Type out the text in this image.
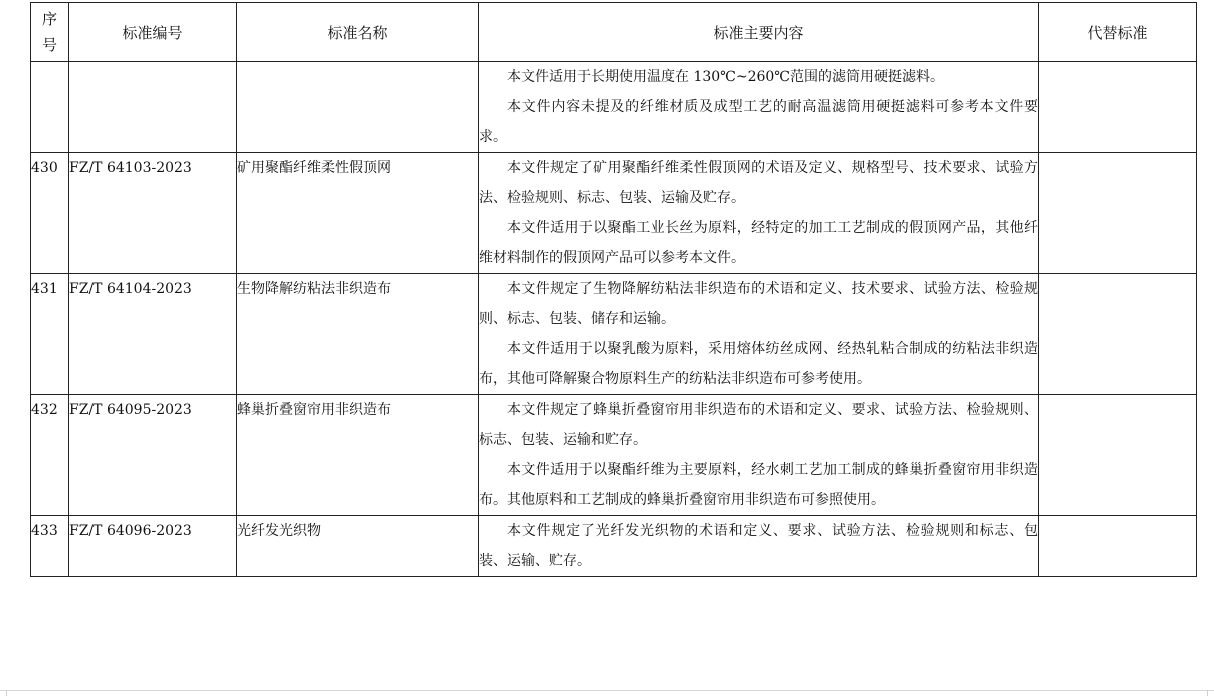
序
号	标准编号	标准名称	标准主要内容	代替标准

			本文件适用于长期使用温度在 130℃~260℃范围的滤筒用硬挺滤料。

本文件内容未提及的纤维材质及成型工艺的耐高温滤筒用硬挺滤料可参考本文件要求。	

430	FZ/T 64103-2023	矿用聚酯纤维柔性假顶网	本文件规定了矿用聚酯纤维柔性假顶网的术语及定义、规格型号、技术要求、试验方法、检验规则、标志、包装、运输及贮存。

本文件适用于以聚酯工业长丝为原料，经特定的加工工艺制成的假顶网产品，其他纤维材料制作的假顶网产品可以参考本文件。	

431	FZ/T 64104-2023	生物降解纺粘法非织造布	本文件规定了生物降解纺粘法非织造布的术语和定义、技术要求、试验方法、检验规则、标志、包装、储存和运输。

本文件适用于以聚乳酸为原料，采用熔体纺丝成网、经热轧粘合制成的纺粘法非织造布，其他可降解聚合物原料生产的纺粘法非织造布可参考使用。	

432	FZ/T 64095-2023	蜂巢折叠窗帘用非织造布	本文件规定了蜂巢折叠窗帘用非织造布的术语和定义、要求、试验方法、检验规则、标志、包装、运输和贮存。

本文件适用于以聚酯纤维为主要原料，经水刺工艺加工制成的蜂巢折叠窗帘用非织造布。其他原料和工艺制成的蜂巢折叠窗帘用非织造布可参照使用。	

433	FZ/T 64096-2023	光纤发光织物	本文件规定了光纤发光织物的术语和定义、要求、试验方法、检验规则和标志、包装、运输、贮存。	
